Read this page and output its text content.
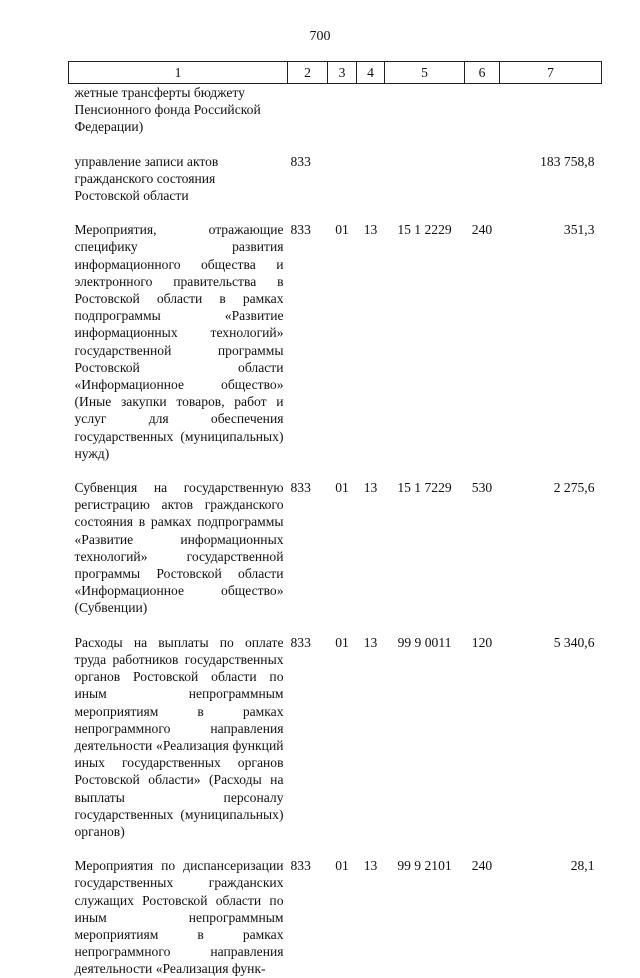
700
1	2	3	4	5	6	7
жетные трансферты бюджету Пенсионного фонда Российской Федерации)						
управление записи актов гражданского состояния Ростовской области	833					183 758,8
Мероприятия, отражающие специфику развития информационного общества и электронного правительства в Ростовской области в рамках подпрограммы «Развитие информационных технологий» государственной программы Ростовской области «Информационное общество» (Иные закупки товаров, работ и услуг для обеспечения государственных (муниципальных) нужд)	833	01	13	15 1 2229	240	351,3
Субвенция на государственную регистрацию актов гражданского состояния в рамках подпрограммы «Развитие информационных технологий» государственной программы Ростовской области «Информационное общество» (Субвенции)	833	01	13	15 1 7229	530	2 275,6
Расходы на выплаты по оплате труда работников государственных органов Ростовской области по иным непрограммным мероприятиям в рамках непрограммного направления деятельности «Реализация функций иных государственных органов Ростовской области» (Расходы на выплаты персоналу государственных (муниципальных) органов)	833	01	13	99 9 0011	120	5 340,6
Мероприятия по диспансеризации государственных гражданских служащих Ростовской области по иным непрограммным мероприятиям в рамках непрограммного направления деятельности «Реализация функ-	833	01	13	99 9 2101	240	28,1
